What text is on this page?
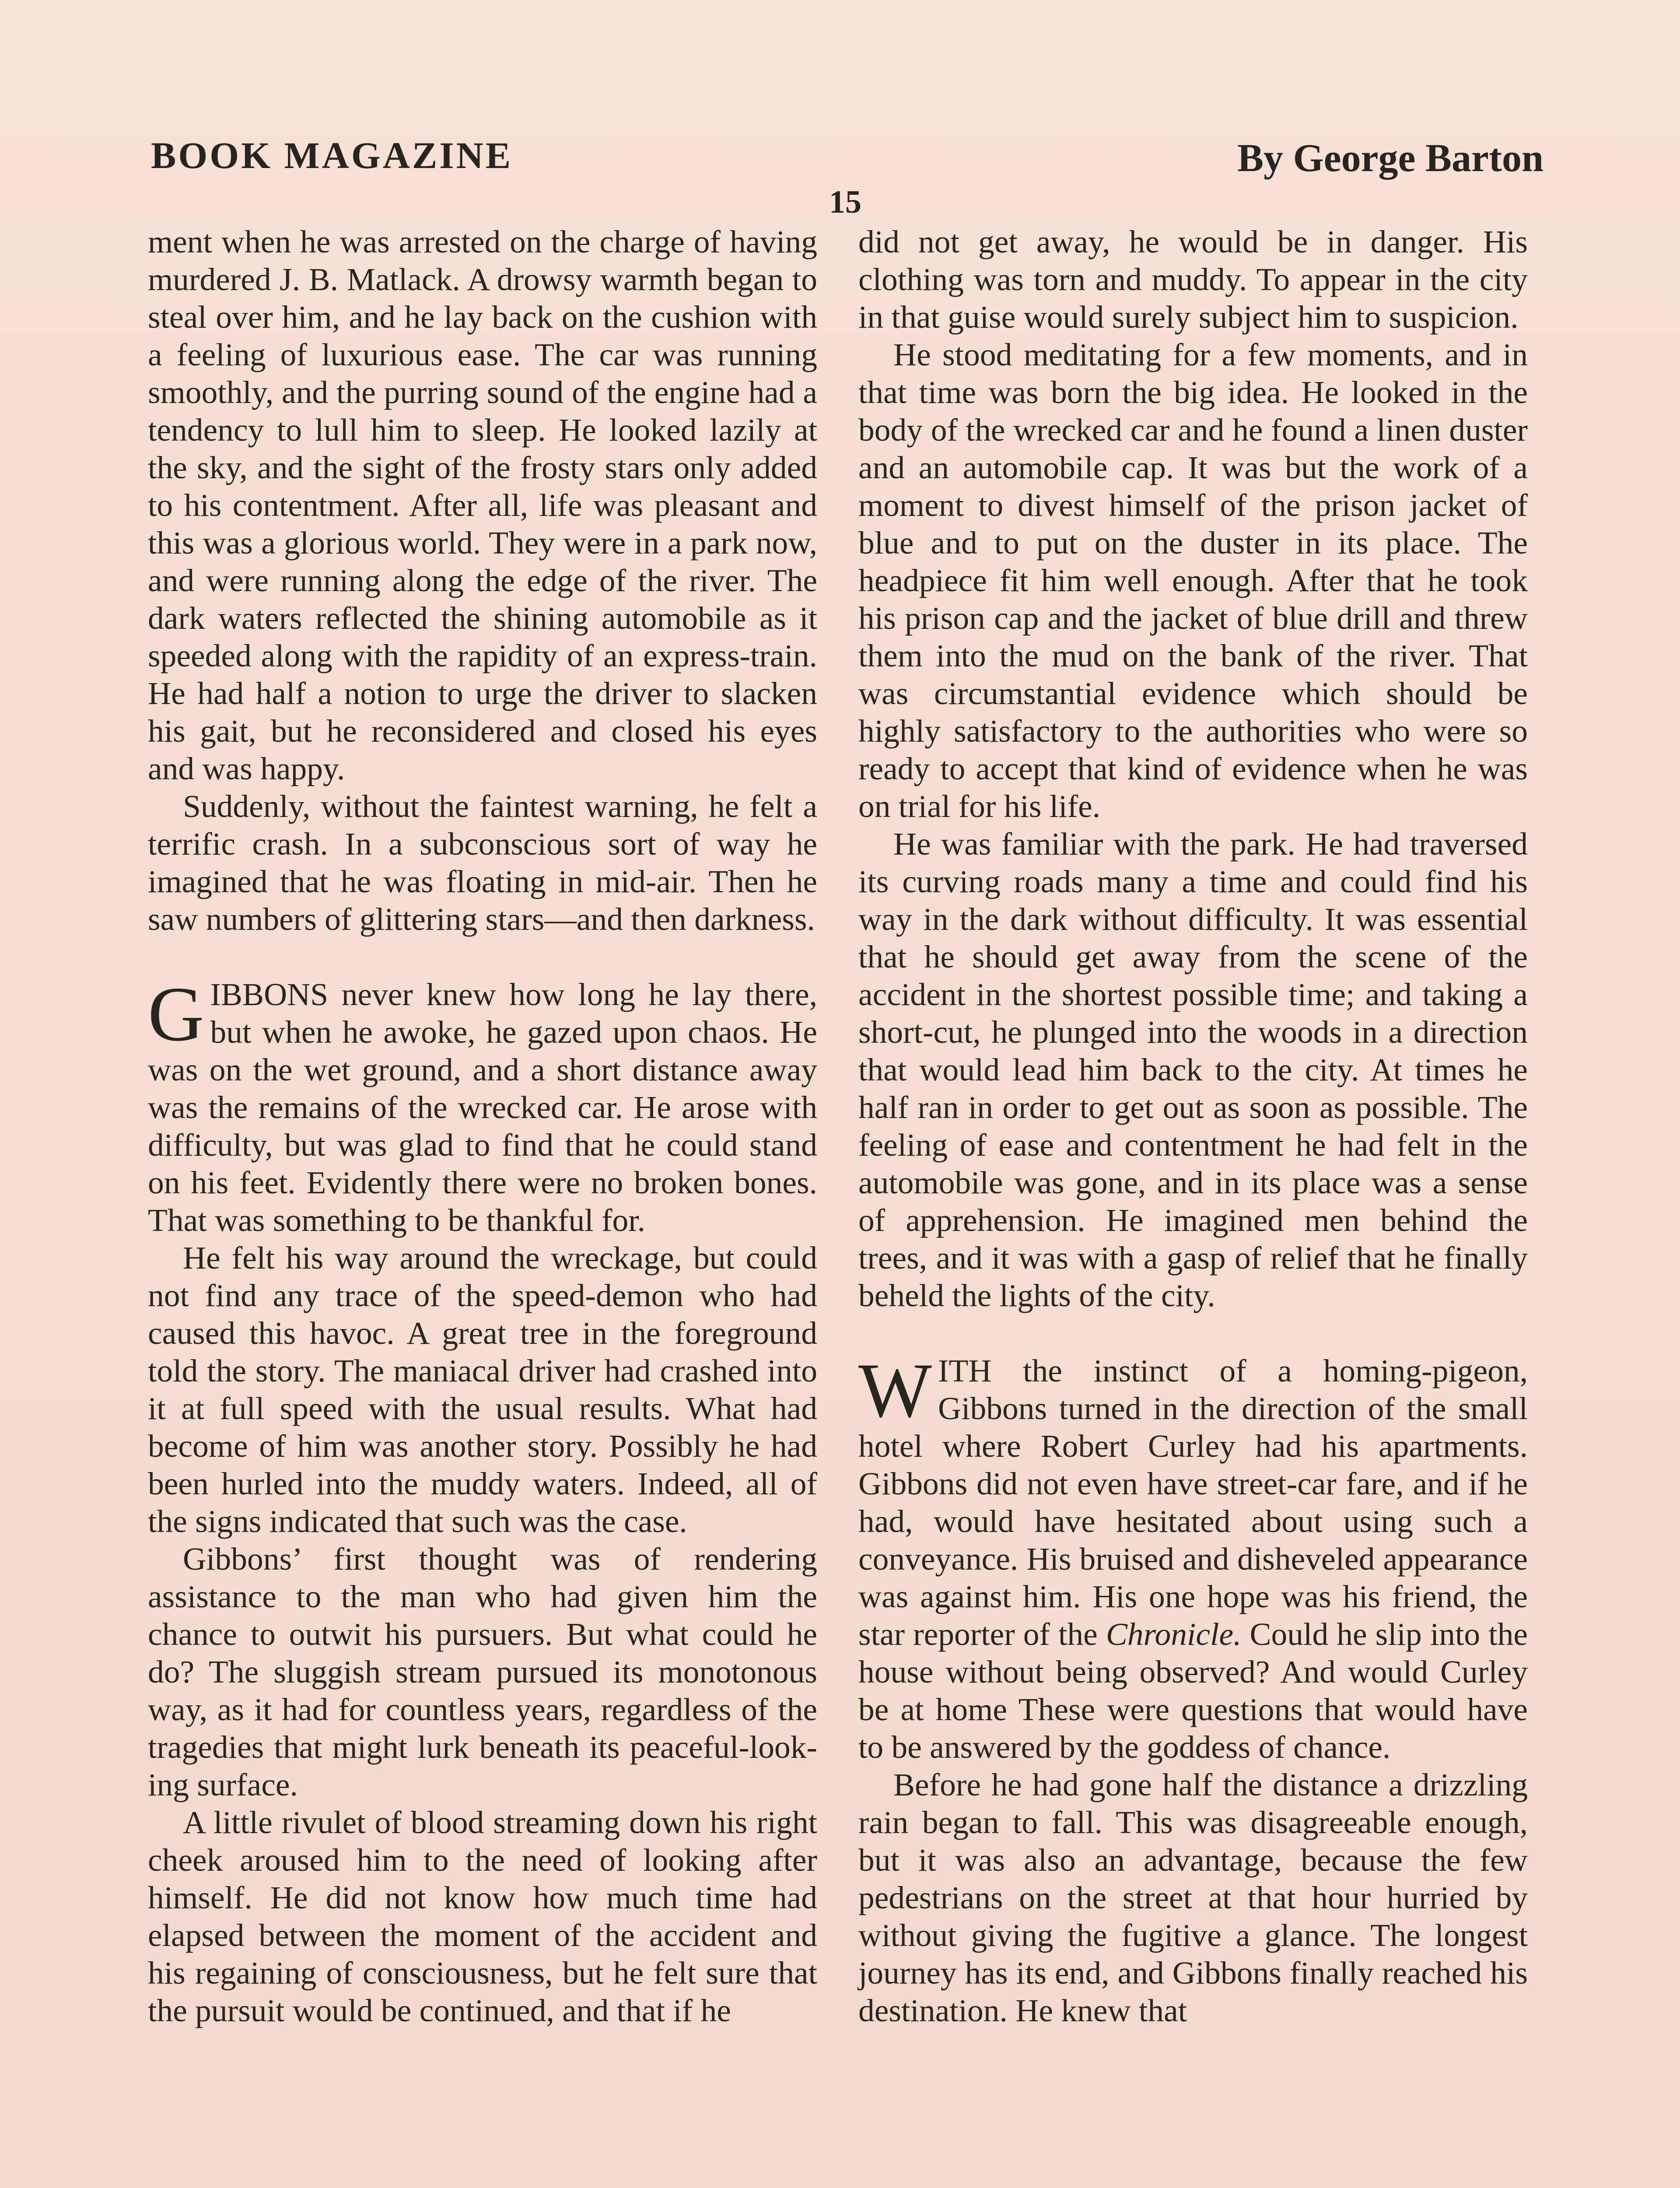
BOOK MAGAZINE	By George Barton
15

ment when he was arrested on the charge of having murdered J. B. Matlack. A drowsy warmth began to steal over him, and he lay back on the cushion with a feeling of luxurious ease. The car was running smoothly, and the purring sound of the engine had a tendency to lull him to sleep. He looked lazily at the sky, and the sight of the frosty stars only added to his contentment. After all, life was pleasant and this was a glorious world. They were in a park now, and were running along the edge of the river. The dark waters reflected the shining automobile as it speeded along with the rapidity of an express-train. He had half a notion to urge the driver to slacken his gait, but he reconsidered and closed his eyes and was happy.

Suddenly, without the faintest warning, he felt a terrific crash. In a subconscious sort of way he imagined that he was floating in mid-air. Then he saw numbers of glittering stars—and then darkness.

GIBBONS never knew how long he lay there, but when he awoke, he gazed upon chaos. He was on the wet ground, and a short distance away was the remains of the wrecked car. He arose with difficulty, but was glad to find that he could stand on his feet. Evidently there were no broken bones. That was something to be thankful for.

He felt his way around the wreckage, but could not find any trace of the speed-demon who had caused this havoc. A great tree in the foreground told the story. The maniacal driver had crashed into it at full speed with the usual results. What had become of him was another story. Possibly he had been hurled into the muddy waters. Indeed, all of the signs indicated that such was the case.

Gibbons’ first thought was of rendering assistance to the man who had given him the chance to outwit his pursuers. But what could he do? The sluggish stream pursued its monotonous way, as it had for countless years, regardless of the tragedies that might lurk beneath its peaceful-looking surface.

A little rivulet of blood streaming down his right cheek aroused him to the need of looking after himself. He did not know how much time had elapsed between the moment of the accident and his regaining of consciousness, but he felt sure that the pursuit would be continued, and that if he

did not get away, he would be in danger. His clothing was torn and muddy. To appear in the city in that guise would surely subject him to suspicion.

He stood meditating for a few moments, and in that time was born the big idea. He looked in the body of the wrecked car and he found a linen duster and an automobile cap. It was but the work of a moment to divest himself of the prison jacket of blue and to put on the duster in its place. The headpiece fit him well enough. After that he took his prison cap and the jacket of blue drill and threw them into the mud on the bank of the river. That was circumstantial evidence which should be highly satisfactory to the authorities who were so ready to accept that kind of evidence when he was on trial for his life.

He was familiar with the park. He had traversed its curving roads many a time and could find his way in the dark without difficulty. It was essential that he should get away from the scene of the accident in the shortest possible time; and taking a short-cut, he plunged into the woods in a direction that would lead him back to the city. At times he half ran in order to get out as soon as possible. The feeling of ease and contentment he had felt in the automobile was gone, and in its place was a sense of apprehension. He imagined men behind the trees, and it was with a gasp of relief that he finally beheld the lights of the city.

WITH the instinct of a homing-pigeon, Gibbons turned in the direction of the small hotel where Robert Curley had his apartments. Gibbons did not even have street-car fare, and if he had, would have hesitated about using such a conveyance. His bruised and disheveled appearance was against him. His one hope was his friend, the star reporter of the Chronicle. Could he slip into the house without being observed? And would Curley be at home These were questions that would have to be answered by the goddess of chance.

Before he had gone half the distance a drizzling rain began to fall. This was disagreeable enough, but it was also an advantage, because the few pedestrians on the street at that hour hurried by without giving the fugitive a glance. The longest journey has its end, and Gibbons finally reached his destination. He knew that
